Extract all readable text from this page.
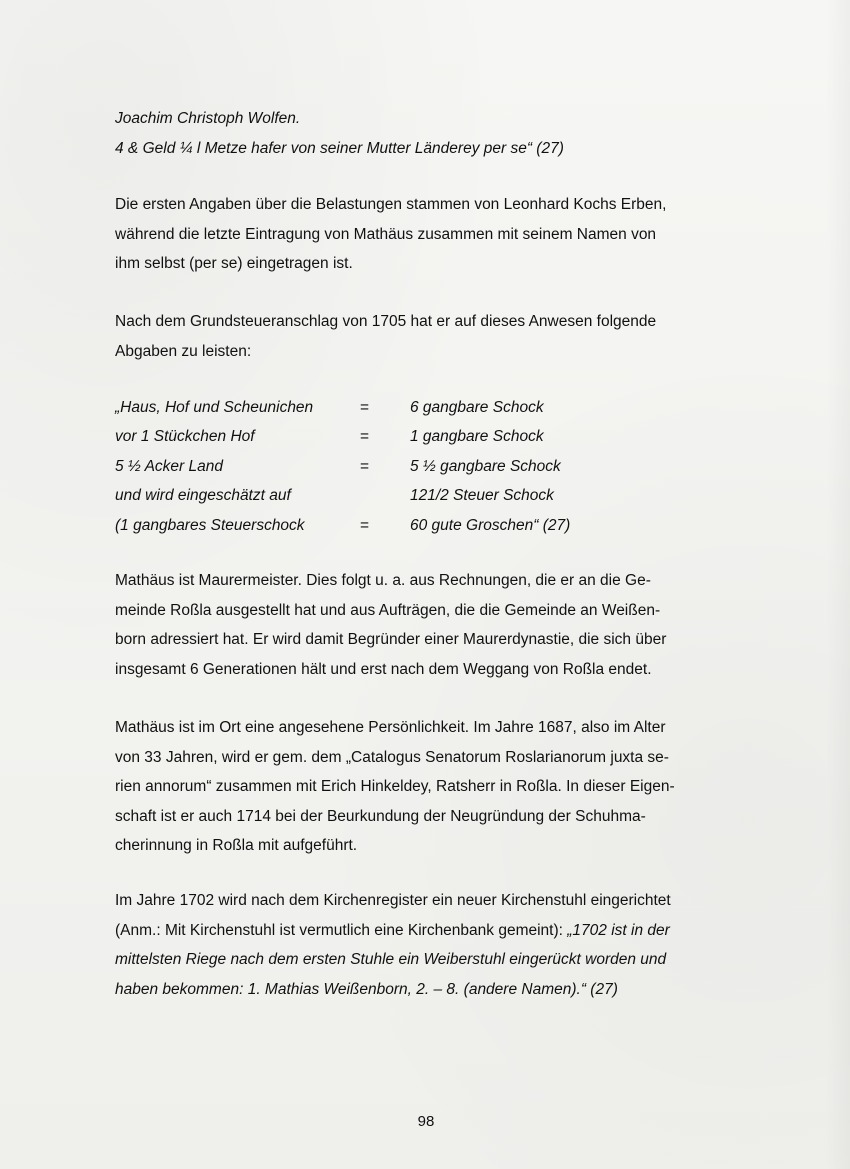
Joachim Christoph Wolfen.
4 & Geld ¼ l Metze hafer von seiner Mutter Länderey per se“ (27)
Die ersten Angaben über die Belastungen stammen von Leonhard Kochs Erben,
während die letzte Eintragung von Mathäus zusammen mit seinem Namen von
ihm selbst (per se) eingetragen ist.
Nach dem Grundsteueranschlag von 1705 hat er auf dieses Anwesen folgende
Abgaben zu leisten:
„Haus, Hof und Scheunichen	=	6 gangbare Schock
vor 1 Stückchen Hof	=	1 gangbare Schock
5 ½ Acker Land	=	5 ½ gangbare Schock
und wird eingeschätzt auf		121/2 Steuer Schock
(1 gangbares Steuerschock	=	60 gute Groschen“ (27)
Mathäus ist Maurermeister. Dies folgt u. a. aus Rechnungen, die er an die Ge-
meinde Roßla ausgestellt hat und aus Aufträgen, die die Gemeinde an Weißen-
born adressiert hat. Er wird damit Begründer einer Maurerdynastie, die sich über
insgesamt 6 Generationen hält und erst nach dem Weggang von Roßla endet.
Mathäus ist im Ort eine angesehene Persönlichkeit. Im Jahre 1687, also im Alter
von 33 Jahren, wird er gem. dem „Catalogus Senatorum Roslarianorum juxta se-
rien annorum“ zusammen mit Erich Hinkeldey, Ratsherr in Roßla. In dieser Eigen-
schaft ist er auch 1714 bei der Beurkundung der Neugründung der Schuhma-
cherinnung in Roßla mit aufgeführt.
Im Jahre 1702 wird nach dem Kirchenregister ein neuer Kirchenstuhl eingerichtet
(Anm.: Mit Kirchenstuhl ist vermutlich eine Kirchenbank gemeint): „1702 ist in der
mittelsten Riege nach dem ersten Stuhle ein Weiberstuhl eingerückt worden und
haben bekommen: 1. Mathias Weißenborn, 2. – 8. (andere Namen).“ (27)
98
